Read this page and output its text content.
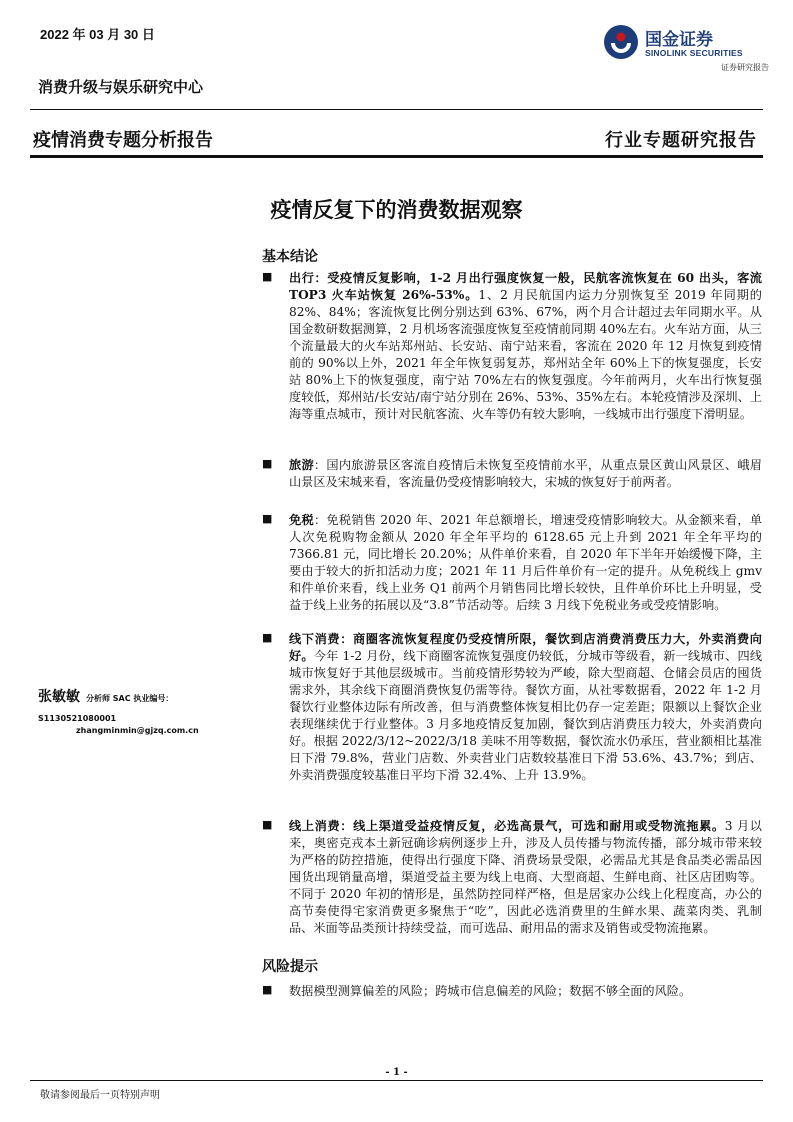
2022 年 03 月 30 日	国金证券
SINOLINK SECURITIES
证券研究报告
消费升级与娱乐研究中心
疫情消费专题分析报告	行业专题研究报告
疫情反复下的消费数据观察
基本结论
■ 出行：受疫情反复影响，1-2 月出行强度恢复一般，民航客流恢复在 60 出头，客流 TOP3 火车站恢复 26%-53%。1、2 月民航国内运力分别恢复至 2019 年同期的 82%、84%；客流恢复比例分别达到 63%、67%，两个月合计超过去年同期水平。从国金数研数据测算，2 月机场客流强度恢复至疫情前同期 40%左右。火车站方面，从三个流量最大的火车站郑州站、长安站、南宁站来看，客流在 2020 年 12 月恢复到疫情前的 90%以上外，2021 年全年恢复弱复苏，郑州站全年 60%上下的恢复强度，长安站 80%上下的恢复强度，南宁站 70%左右的恢复强度。今年前两月，火车出行恢复强度较低，郑州站/长安站/南宁站分别在 26%、53%、35%左右。本轮疫情涉及深圳、上海等重点城市，预计对民航客流、火车等仍有较大影响，一线城市出行强度下滑明显。
■ 旅游：国内旅游景区客流自疫情后未恢复至疫情前水平，从重点景区黄山风景区、峨眉山景区及宋城来看，客流量仍受疫情影响较大，宋城的恢复好于前两者。
■ 免税：免税销售 2020 年、2021 年总额增长，增速受疫情影响较大。从金额来看，单人次免税购物金额从 2020 年全年平均的 6128.65 元上升到 2021 年全年平均的 7366.81 元，同比增长 20.20%；从件单价来看，自 2020 年下半年开始缓慢下降，主要由于较大的折扣活动力度；2021 年 11 月后件单价有一定的提升。从免税线上 gmv 和件单价来看，线上业务 Q1 前两个月销售同比增长较快，且件单价环比上升明显，受益于线上业务的拓展以及“3.8”节活动等。后续 3 月线下免税业务或受疫情影响。
■ 线下消费：商圈客流恢复程度仍受疫情所限，餐饮到店消费消费压力大，外卖消费向好。今年 1-2 月份，线下商圈客流恢复强度仍较低，分城市等级看，新一线城市、四线城市恢复好于其他层级城市。当前疫情形势较为严峻，除大型商超、仓储会员店的囤货需求外，其余线下商圈消费恢复仍需等待。餐饮方面，从社零数据看，2022 年 1-2 月餐饮行业整体边际有所改善，但与消费整体恢复相比仍存一定差距；限额以上餐饮企业表现继续优于行业整体。3 月多地疫情反复加剧，餐饮到店消费压力较大，外卖消费向好。根据 2022/3/12~2022/3/18 美味不用等数据，餐饮流水仍承压，营业额相比基准日下滑 79.8%，营业门店数、外卖营业门店数较基准日下滑 53.6%、43.7%；到店、外卖消费强度较基准日平均下滑 32.4%、上升 13.9%。
■ 线上消费：线上渠道受益疫情反复，必选高景气，可选和耐用或受物流拖累。3 月以来，奥密克戎本土新冠确诊病例逐步上升，涉及人员传播与物流传播，部分城市带来较为严格的防控措施，使得出行强度下降、消费场景受限，必需品尤其是食品类必需品因囤货出现销量高增，渠道受益主要为线上电商、大型商超、生鲜电商、社区店团购等。不同于 2020 年初的情形是，虽然防控同样严格，但是居家办公线上化程度高，办公的高节奏使得宅家消费更多聚焦于“吃”，因此必选消费里的生鲜水果、蔬菜肉类、乳制品、米面等品类预计持续受益，而可选品、耐用品的需求及销售或受物流拖累。
风险提示
■ 数据模型测算偏差的风险；跨城市信息偏差的风险；数据不够全面的风险。
张敏敏 分析师 SAC 执业编号：S1130521080001
zhangminmin@gjzq.com.cn
- 1 -
敬请参阅最后一页特别声明
